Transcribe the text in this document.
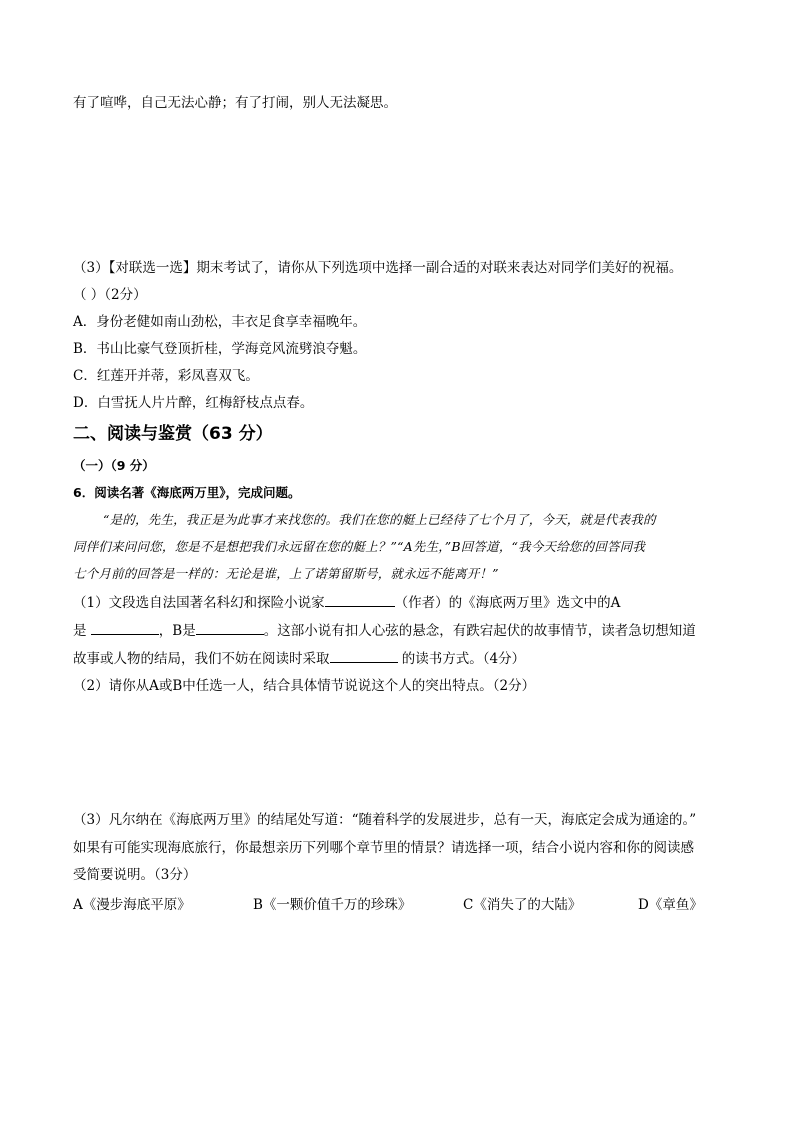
有了喧哗，自己无法心静；有了打闹，别人无法凝思。
（3）【对联选一选】期末考试了，请你从下列选项中选择一副合适的对联来表达对同学们美好的祝福。
（ ）（2分）
A．身份老健如南山劲松，丰衣足食享幸福晚年。
B．书山比豪气登顶折桂，学海竞风流劈浪夺魁。
C．红莲开并蒂，彩凤喜双飞。
D．白雪抚人片片醉，红梅舒枝点点春。
二、阅读与鉴赏（63 分）
（一）（9 分）
6．阅读名著《海底两万里》，完成问题。
“是的，先生，我正是为此事才来找您的。我们在您的艇上已经待了七个月了，今天，就是代表我的
同伴们来问问您，您是不是想把我们永远留在您的艇上？”“A先生，”B回答道，“我今天给您的回答同我
七个月前的回答是一样的：无论是谁，上了诺第留斯号，就永远不能离开！”
（1）文段选自法国著名科幻和探险小说家	（作者）的《海底两万里》选文中的A
是	，B是	。这部小说有扣人心弦的悬念，有跌宕起伏的故事情节，读者急切想知道
故事或人物的结局，我们不妨在阅读时采取	的读书方式。（4分）
（2）请你从A或B中任选一人，结合具体情节说说这个人的突出特点。（2分）
（3）凡尔纳在《海底两万里》的结尾处写道：“随着科学的发展进步，总有一天，海底定会成为通途的。”
如果有可能实现海底旅行，你最想亲历下列哪个章节里的情景？请选择一项，结合小说内容和你的阅读感
受简要说明。（3分）
A《漫步海底平原》	B《一颗价值千万的珍珠》	C《消失了的大陆》	D《章鱼》
